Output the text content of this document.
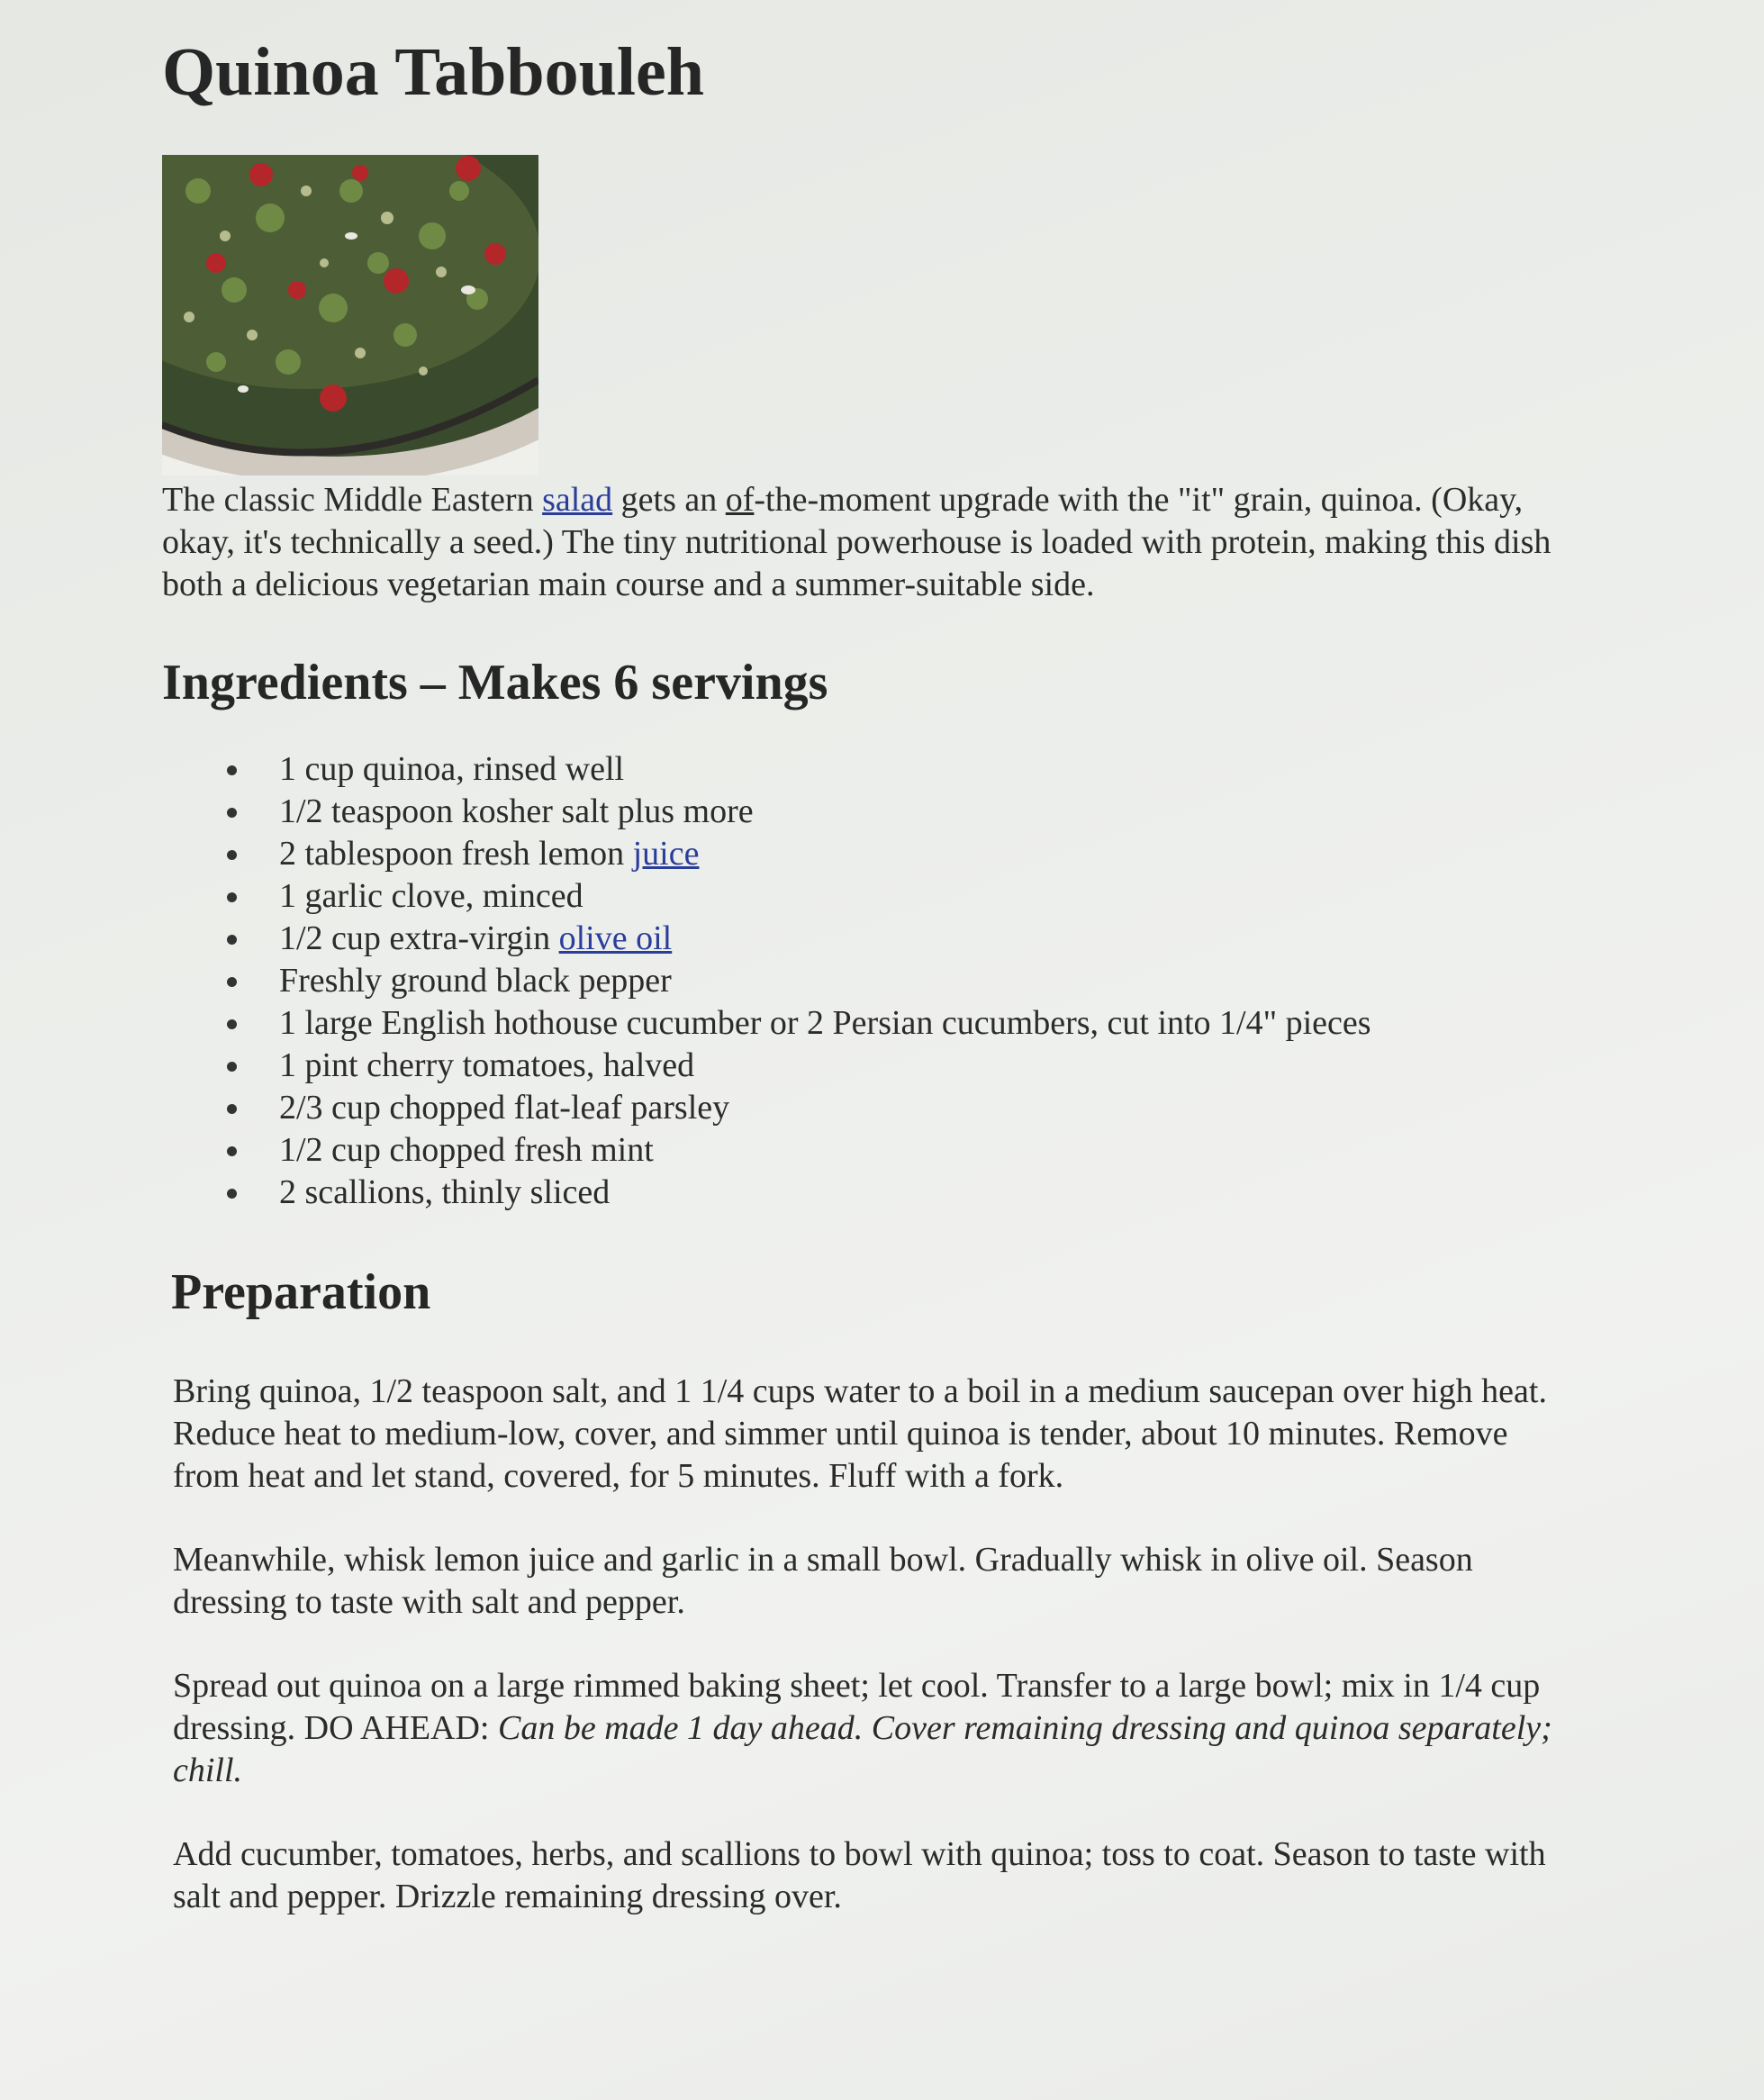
Quinoa Tabbouleh
The classic Middle Eastern salad gets an of-the-moment upgrade with the "it" grain, quinoa. (Okay, okay, it's technically a seed.) The tiny nutritional powerhouse is loaded with protein, making this dish both a delicious vegetarian main course and a summer-suitable side.
Ingredients – Makes 6 servings
1 cup quinoa, rinsed well
1/2 teaspoon kosher salt plus more
2 tablespoon fresh lemon juice
1 garlic clove, minced
1/2 cup extra-virgin olive oil
Freshly ground black pepper
1 large English hothouse cucumber or 2 Persian cucumbers, cut into 1/4" pieces
1 pint cherry tomatoes, halved
2/3 cup chopped flat-leaf parsley
1/2 cup chopped fresh mint
2 scallions, thinly sliced
Preparation

Bring quinoa, 1/2 teaspoon salt, and 1 1/4 cups water to a boil in a medium saucepan over high heat. Reduce heat to medium-low, cover, and simmer until quinoa is tender, about 10 minutes. Remove from heat and let stand, covered, for 5 minutes. Fluff with a fork.

Meanwhile, whisk lemon juice and garlic in a small bowl. Gradually whisk in olive oil. Season dressing to taste with salt and pepper.

Spread out quinoa on a large rimmed baking sheet; let cool. Transfer to a large bowl; mix in 1/4 cup dressing. DO AHEAD: Can be made 1 day ahead. Cover remaining dressing and quinoa separately; chill.

Add cucumber, tomatoes, herbs, and scallions to bowl with quinoa; toss to coat. Season to taste with salt and pepper. Drizzle remaining dressing over.
